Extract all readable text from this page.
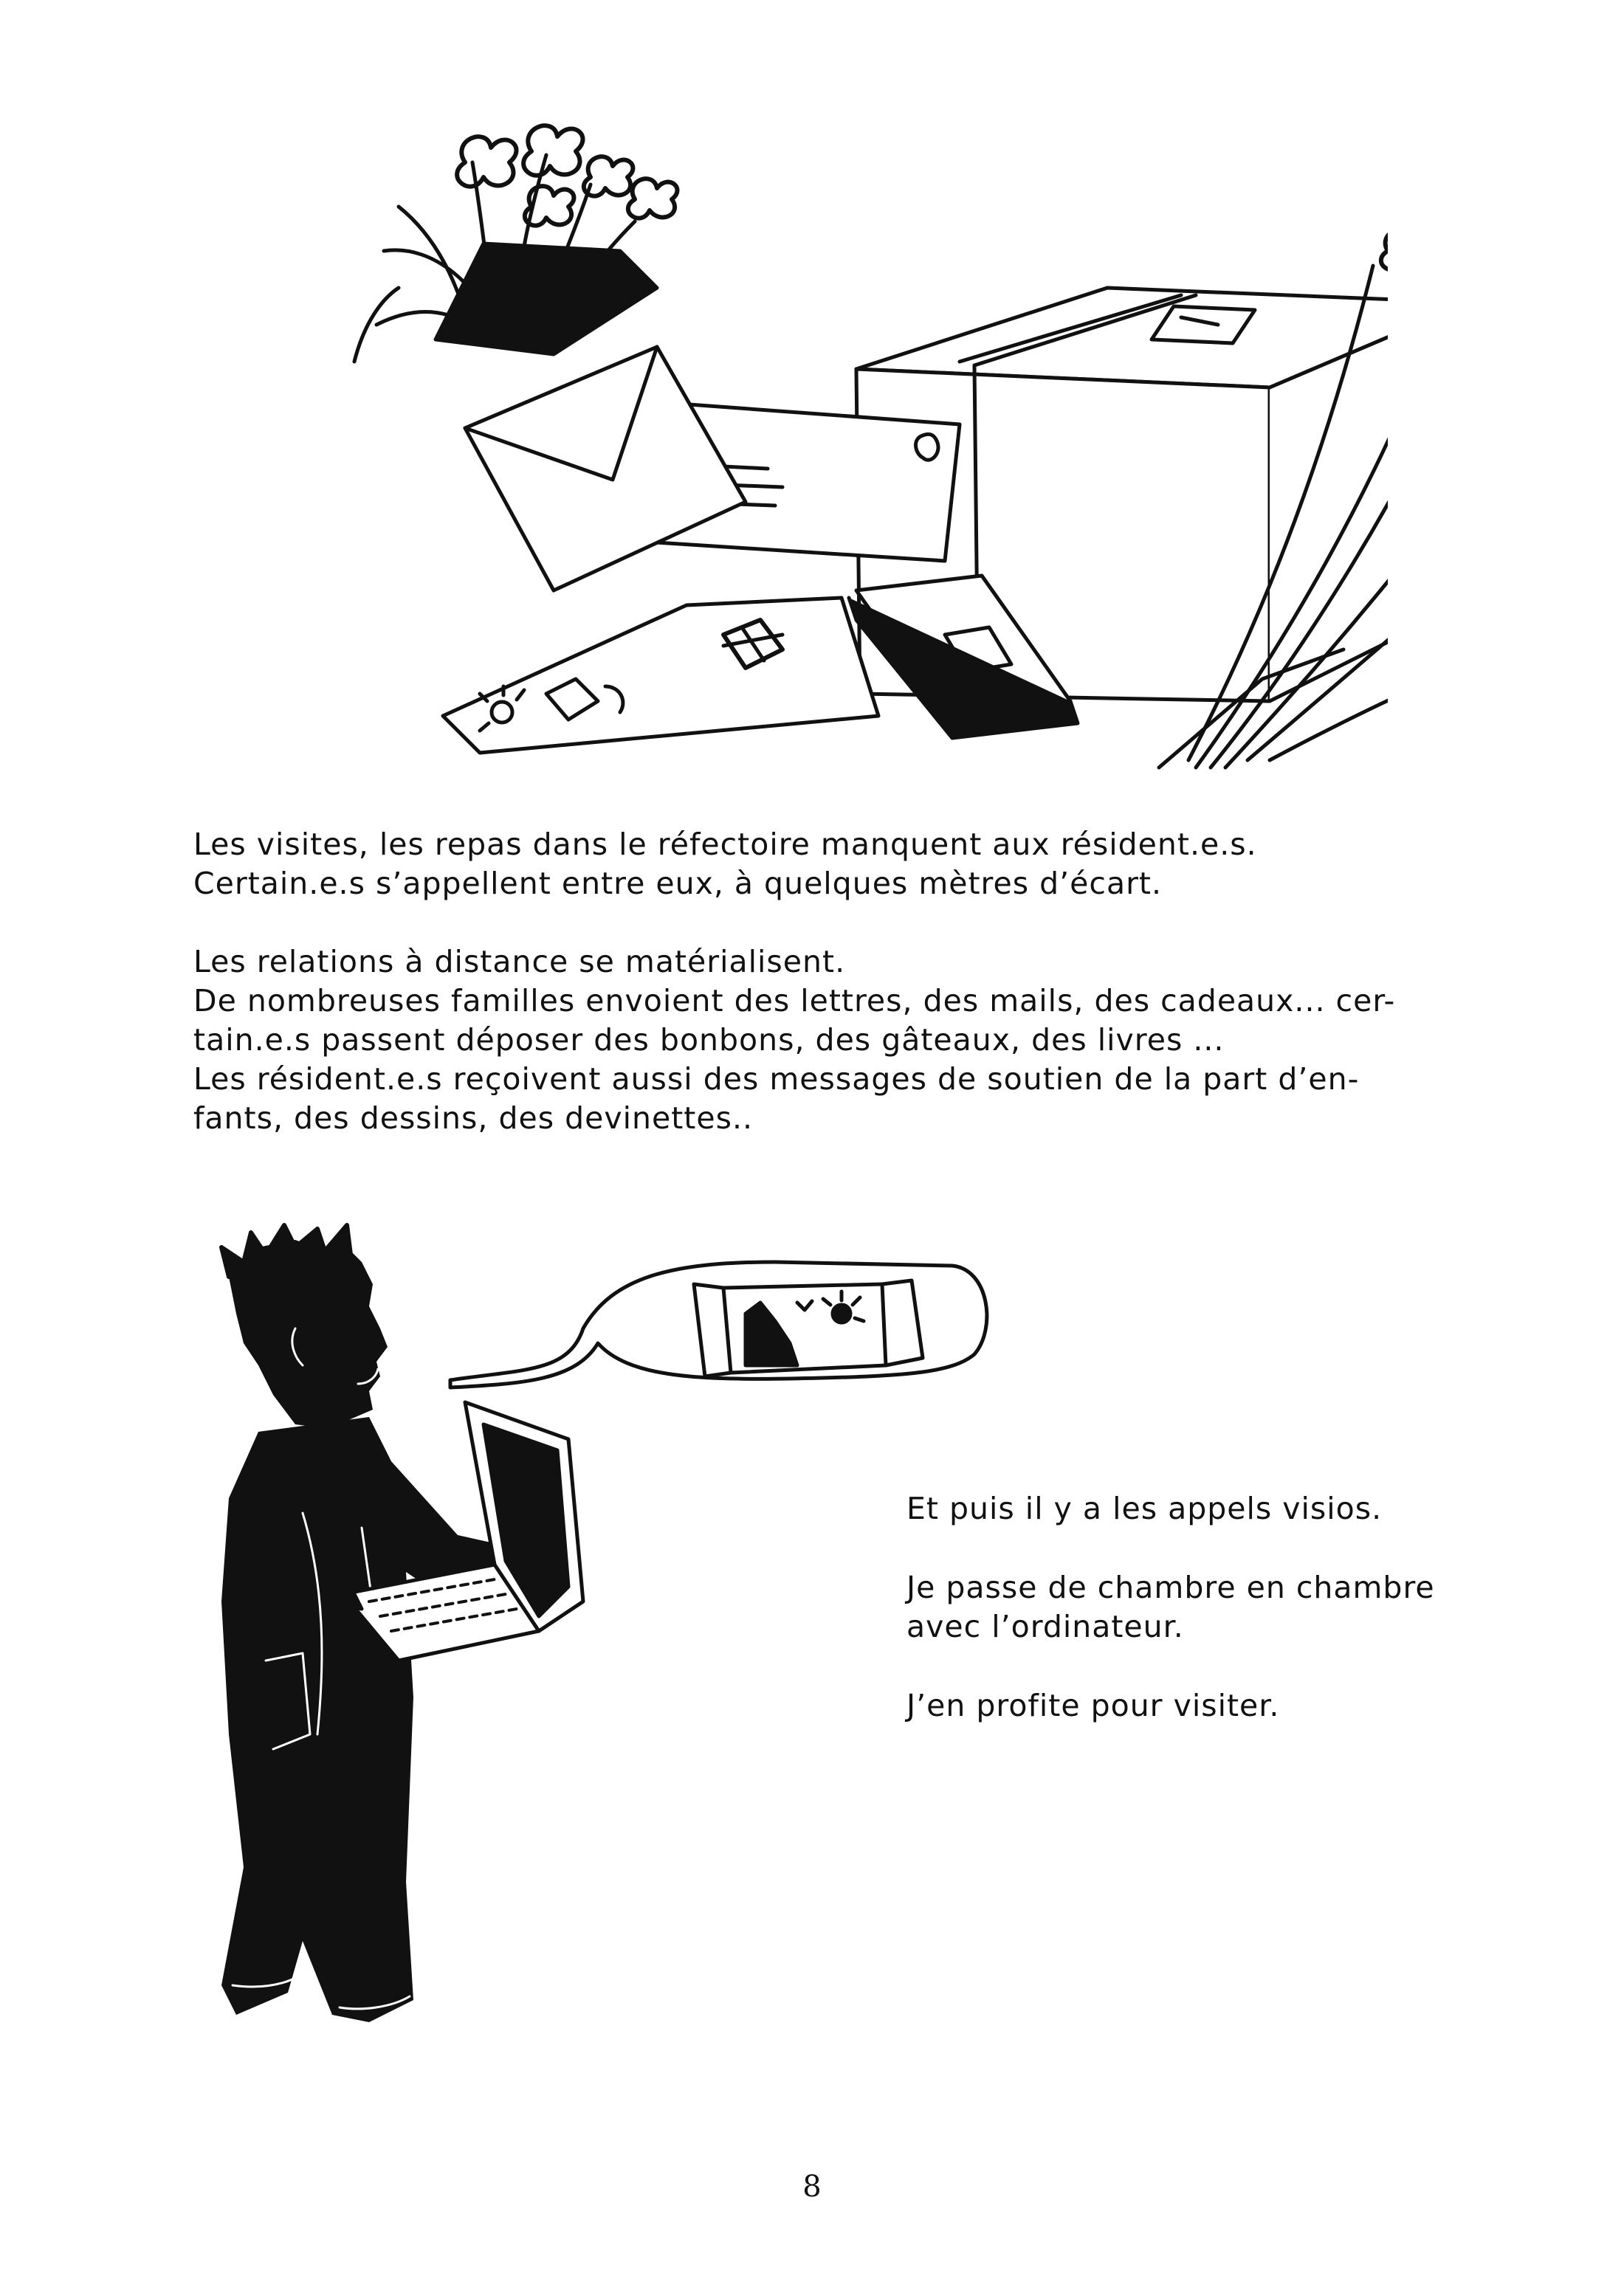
Les visites, les repas dans le réfectoire manquent aux résident.e.s.

Certain.e.s s’appellent entre eux, à quelques mètres d’écart.

Les relations à distance se matérialisent.

De nombreuses familles envoient des lettres, des mails, des cadeaux... cer-

tain.e.s passent déposer des bonbons, des gâteaux, des livres ...

Les résident.e.s reçoivent aussi des messages de soutien de la part d’en-

fants, des dessins, des devinettes..

Et puis il y a les appels visios.

Je passe de chambre en chambre

avec l’ordinateur.

J’en profite pour visiter.

8
